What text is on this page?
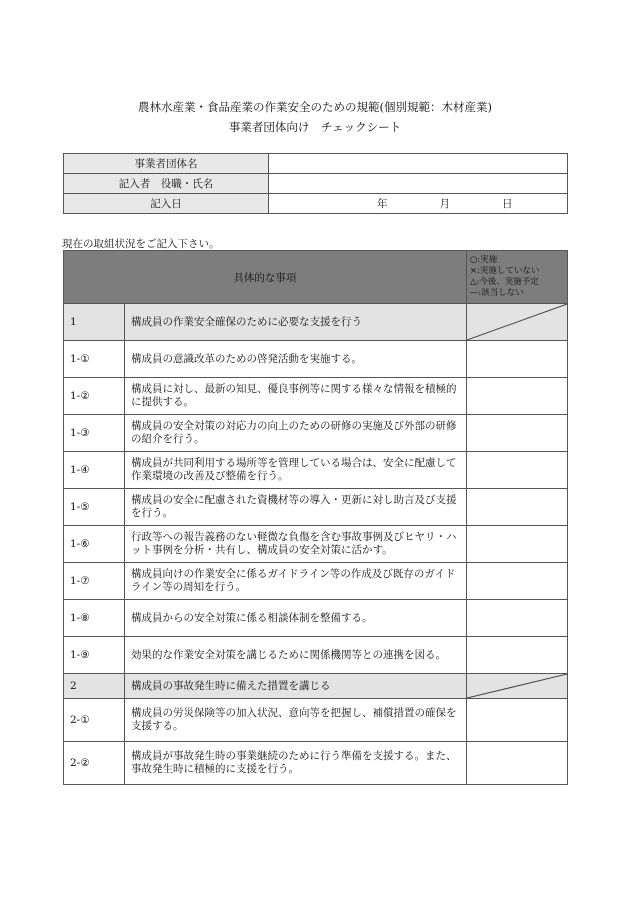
農林水産業・食品産業の作業安全のための規範(個別規範：木材産業)
事業者団体向け　チェックシート
事業者団体名	
記入者　役職・氏名	
記入日	年 月 日
現在の取組状況をご記入下さい。
具体的な事項		○:実施
×:実施していない
△:今後、実施予定
―:該当しない

1	構成員の作業安全確保のために必要な支援を行う	

1-①	構成員の意識改革のための啓発活動を実施する。	
1-②	構成員に対し、最新の知見、優良事例等に関する様々な情報を積極的に提供する。	
1-③	構成員の安全対策の対応力の向上のための研修の実施及び外部の研修の紹介を行う。	
1-④	構成員が共同利用する場所等を管理している場合は、安全に配慮して作業環境の改善及び整備を行う。	
1-⑤	構成員の安全に配慮された資機材等の導入・更新に対し助言及び支援を行う。	
1-⑥	行政等への報告義務のない軽微な負傷を含む事故事例及びヒヤリ・ハット事例を分析・共有し、構成員の安全対策に活かす。	
1-⑦	構成員向けの作業安全に係るガイドライン等の作成及び既存のガイドライン等の周知を行う。	
1-⑧	構成員からの安全対策に係る相談体制を整備する。	
1-⑨	効果的な作業安全対策を講じるために関係機関等との連携を図る。	
2	構成員の事故発生時に備えた措置を講じる	

2-①	構成員の労災保険等の加入状況、意向等を把握し、補償措置の確保を支援する。	
2-②	構成員が事故発生時の事業継続のために行う準備を支援する。また、事故発生時に積極的に支援を行う。	
